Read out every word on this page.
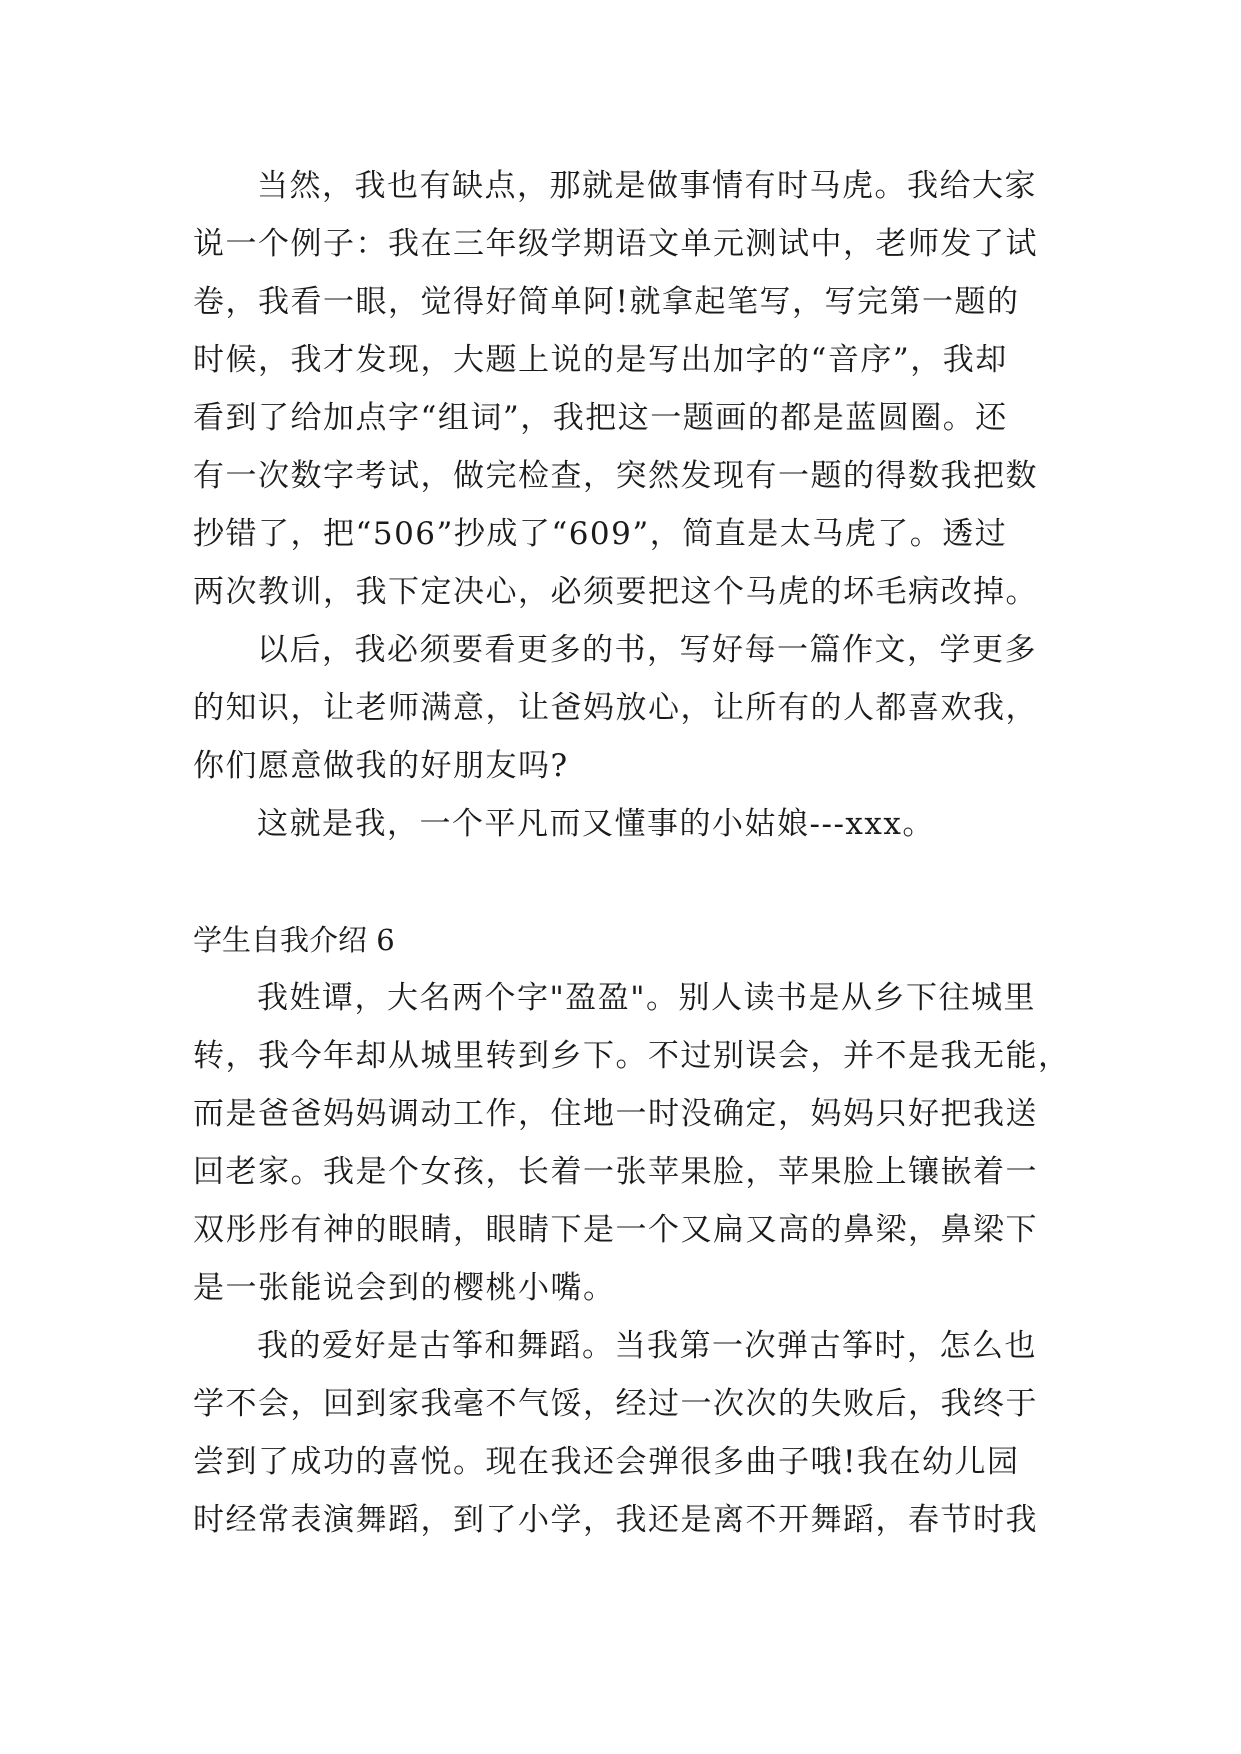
当然，我也有缺点，那就是做事情有时马虎。我给大家
说一个例子：我在三年级学期语文单元测试中，老师发了试
卷，我看一眼，觉得好简单阿!就拿起笔写，写完第一题的
时候，我才发现，大题上说的是写出加字的“音序”，我却
看到了给加点字“组词”，我把这一题画的都是蓝圆圈。还
有一次数字考试，做完检查，突然发现有一题的得数我把数
抄错了，把“506”抄成了“609”，简直是太马虎了。透过
两次教训，我下定决心，必须要把这个马虎的坏毛病改掉。
以后，我必须要看更多的书，写好每一篇作文，学更多
的知识，让老师满意，让爸妈放心，让所有的人都喜欢我，
你们愿意做我的好朋友吗?
这就是我，一个平凡而又懂事的小姑娘---xxx。
学生自我介绍 6
我姓谭，大名两个字"盈盈"。别人读书是从乡下往城里
转，我今年却从城里转到乡下。不过别误会，并不是我无能，
而是爸爸妈妈调动工作，住地一时没确定，妈妈只好把我送
回老家。我是个女孩，长着一张苹果脸，苹果脸上镶嵌着一
双彤彤有神的眼睛，眼睛下是一个又扁又高的鼻梁，鼻梁下
是一张能说会到的樱桃小嘴。
我的爱好是古筝和舞蹈。当我第一次弹古筝时，怎么也
学不会，回到家我毫不气馁，经过一次次的失败后，我终于
尝到了成功的喜悦。现在我还会弹很多曲子哦!我在幼儿园
时经常表演舞蹈，到了小学，我还是离不开舞蹈，春节时我
